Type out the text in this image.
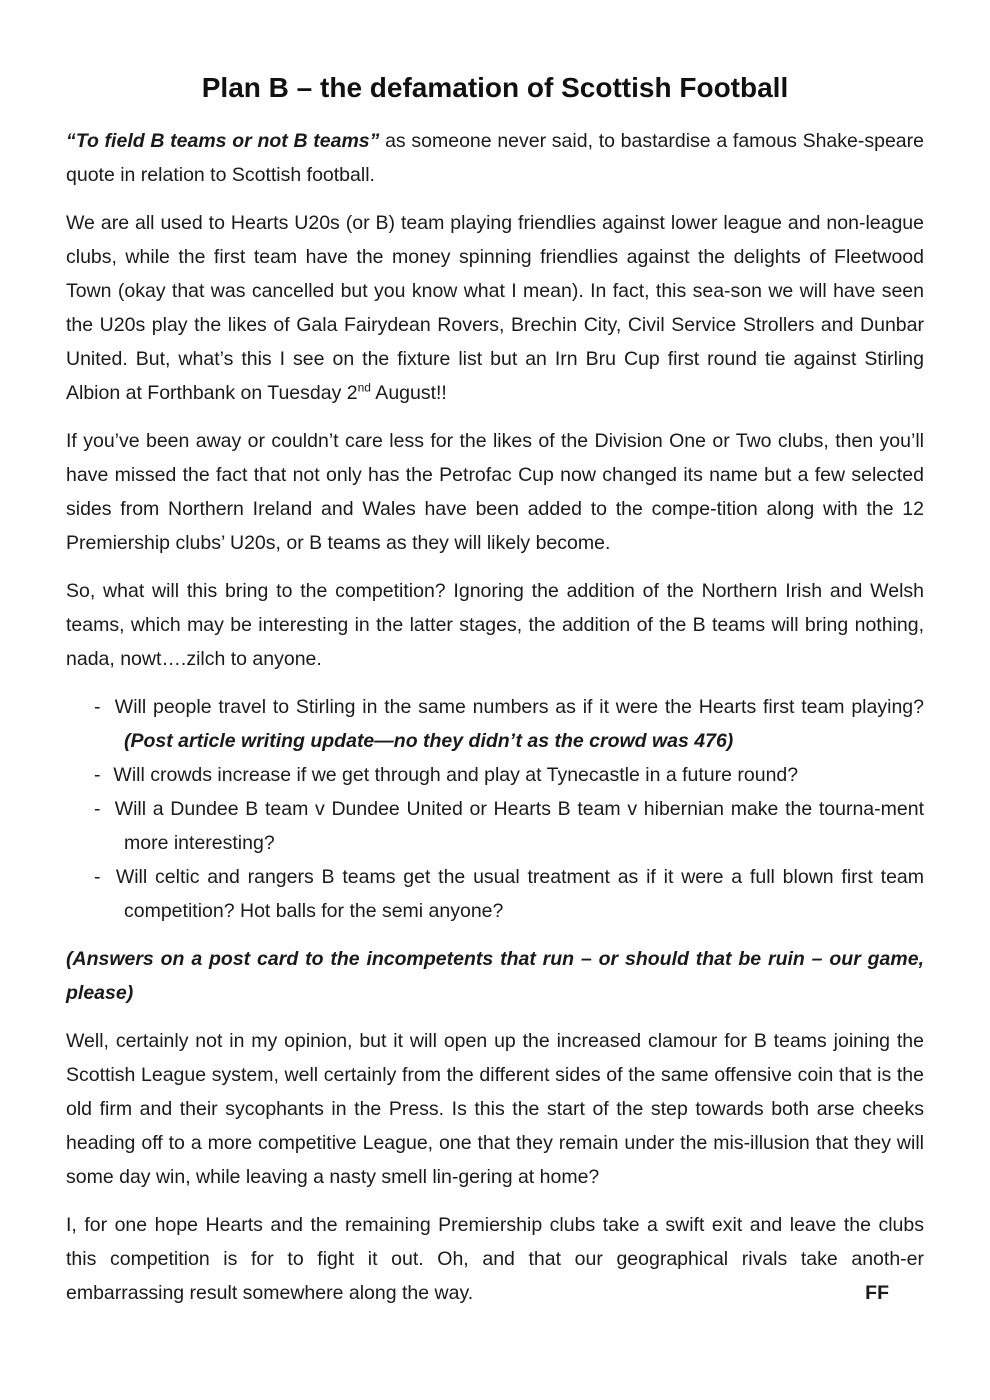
Plan B – the defamation of Scottish Football

“To field B teams or not B teams” as someone never said, to bastardise a famous Shake-speare quote in relation to Scottish football.

We are all used to Hearts U20s (or B) team playing friendlies against lower league and non-league clubs, while the first team have the money spinning friendlies against the delights of Fleetwood Town (okay that was cancelled but you know what I mean). In fact, this sea-son we will have seen the U20s play the likes of Gala Fairydean Rovers, Brechin City, Civil Service Strollers and Dunbar United. But, what’s this I see on the fixture list but an Irn Bru Cup first round tie against Stirling Albion at Forthbank on Tuesday 2nd August!!

If you’ve been away or couldn’t care less for the likes of the Division One or Two clubs, then you’ll have missed the fact that not only has the Petrofac Cup now changed its name but a few selected sides from Northern Ireland and Wales have been added to the compe-tition along with the 12 Premiership clubs’ U20s, or B teams as they will likely become.

So, what will this bring to the competition? Ignoring the addition of the Northern Irish and Welsh teams, which may be interesting in the latter stages, the addition of the B teams will bring nothing, nada, nowt….zilch to anyone.

- Will people travel to Stirling in the same numbers as if it were the Hearts first team playing? (Post article writing update—no they didn’t as the crowd was 476)
- Will crowds increase if we get through and play at Tynecastle in a future round?
- Will a Dundee B team v Dundee United or Hearts B team v hibernian make the tourna-ment more interesting?
- Will celtic and rangers B teams get the usual treatment as if it were a full blown first team competition? Hot balls for the semi anyone?

(Answers on a post card to the incompetents that run – or should that be ruin – our game, please)

Well, certainly not in my opinion, but it will open up the increased clamour for B teams joining the Scottish League system, well certainly from the different sides of the same offensive coin that is the old firm and their sycophants in the Press. Is this the start of the step towards both arse cheeks heading off to a more competitive League, one that they remain under the mis-illusion that they will some day win, while leaving a nasty smell lin-gering at home?

I, for one hope Hearts and the remaining Premiership clubs take a swift exit and leave the clubs this competition is for to fight it out. Oh, and that our geographical rivals take anoth-er embarrassing result somewhere along the way.	FF
